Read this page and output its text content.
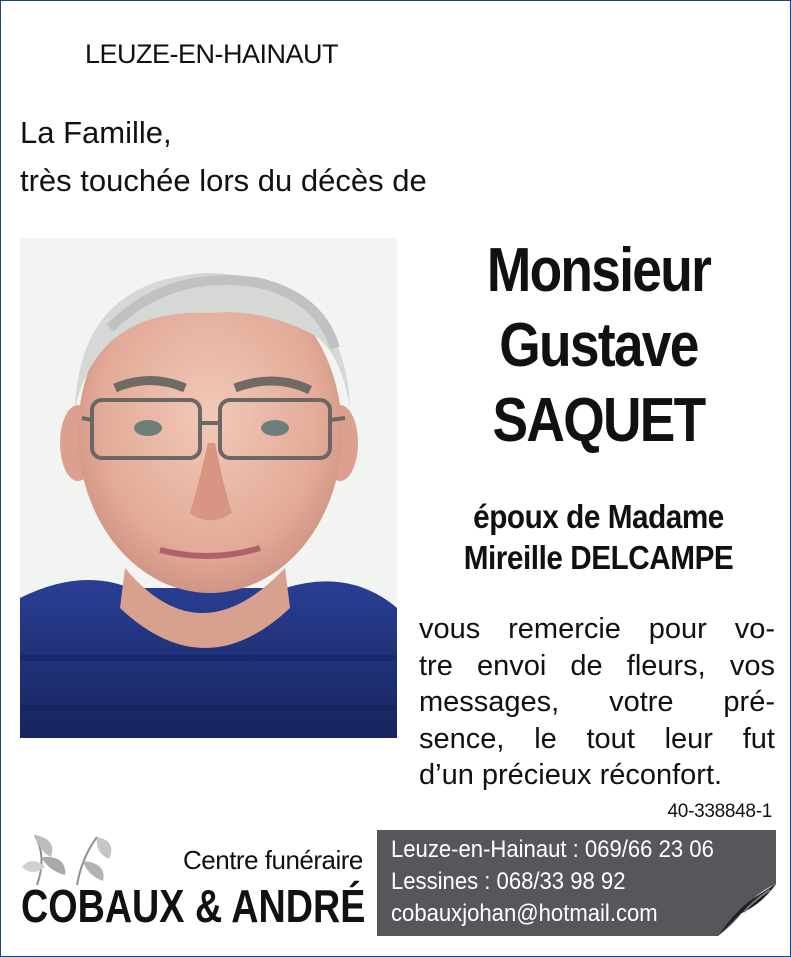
LEUZE-EN-HAINAUT
La Famille,
très touchée lors du décès de
Monsieur
Gustave
SAQUET
époux de Madame
Mireille DELCAMPE
vous remercie pour vo-
tre envoi de fleurs, vos
messages, votre pré-
sence, le tout leur fut
d’un
précieux
réconfort.
40-338848-1
Centre funéraire
COBAUX & ANDRÉ
Leuze-en-Hainaut : 069/66 23 06
Lessines : 068/33 98 92
cobauxjohan@hotmail.com
